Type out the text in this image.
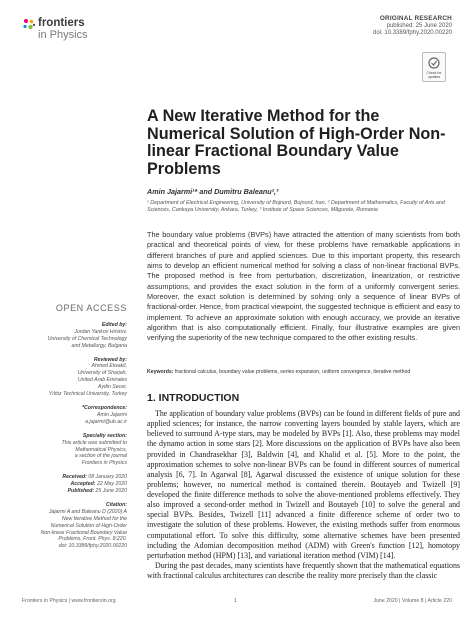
frontiers
in Physics
ORIGINAL RESEARCH
published: 25 June 2020
doi: 10.3389/fphy.2020.00220
Check for updates
A New Iterative Method for the Numerical Solution of High-Order Non-linear Fractional Boundary Value Problems
Amin Jajarmi¹* and Dumitru Baleanu²,³
¹ Department of Electrical Engineering, University of Bojnord, Bojnord, Iran, ² Department of Mathematics, Faculty of Arts and Sciences, Cankaya University, Ankara, Turkey, ³ Institute of Space Sciences, Măgurele, Romania

The boundary value problems (BVPs) have attracted the attention of many scientists from both practical and theoretical points of view, for these problems have remarkable applications in different branches of pure and applied sciences. Due to this important property, this research aims to develop an efficient numerical method for solving a class of non-linear fractional BVPs. The proposed method is free from perturbation, discretization, linearization, or restrictive assumptions, and provides the exact solution in the form of a uniformly convergent series. Moreover, the exact solution is determined by solving only a sequence of linear BVPs of fractional-order. Hence, from practical viewpoint, the suggested technique is efficient and easy to implement. To achieve an approximate solution with enough accuracy, we provide an iterative algorithm that is also computationally efficient. Finally, four illustrative examples are given verifying the superiority of the new technique compared to the other existing results.

Keywords: fractional calculus, boundary value problems, series expansion, uniform convergence, iterative method
1. INTRODUCTION
The application of boundary value problems (BVPs) can be found in different fields of pure and applied sciences; for instance, the narrow converting layers bounded by stable layers, which are believed to surround A-type stars, may be modeled by BVPs [1]. Also, these problems may model the dynamo action in some stars [2]. More discussions on the application of BVPs have also been provided in Chandrasekhar [3], Baldwin [4], and Khalid et al. [5]. More to the point, the approximation schemes to solve non-linear BVPs can be found in different sources of numerical analysis [6, 7]. In Agarwal [8], Agarwal discussed the existence of unique solution for these problems; however, no numerical method is contained therein. Boutayeb and Twizell [9] developed the finite difference methods to solve the above-mentioned problems effectively. They also improved a second-order method in Twizell and Boutayeb [10] to solve the general and special BVPs. Besides, Twizell [11] advanced a finite difference scheme of order two to investigate the solution of these problems. However, the existing methods suffer from enormous computational effort. To solve this difficulty, some alternative schemes have been presented including the Adomian decomposition method (ADM) with Green's function [12], homotopy perturbation method (HPM) [13], and variational iteration method (VIM) [14].
During the past decades, many scientists have frequently shown that the mathematical equations with fractional calculus architectures can describe the reality more precisely than the classic
OPEN ACCESS
Edited by:
Jordan Yankov Hristov,
University of Chemical Technology
and Metallurgy, Bulgaria
Reviewed by:
Ahmed Elwakil,
University of Sharjah,
United Arab Emirates
Aydin Secer,
Yıldız Technical University, Turkey
*Correspondence:
Amin Jajarmi
a.jajarmi@ub.ac.ir
Specialty section:
This article was submitted to
Mathematical Physics,
a section of the journal
Frontiers in Physics
Received: 08 January 2020
Accepted: 22 May 2020
Published: 25 June 2020
Citation:
Jajarmi A and Baleanu D (2020) A
New Iterative Method for the
Numerical Solution of High-Order
Non-linear Fractional Boundary Value
Problems. Front. Phys. 8:220.
doi: 10.3389/fphy.2020.00220
Frontiers in Physics | www.frontiersin.org	1	June 2020 | Volume 8 | Article 220
